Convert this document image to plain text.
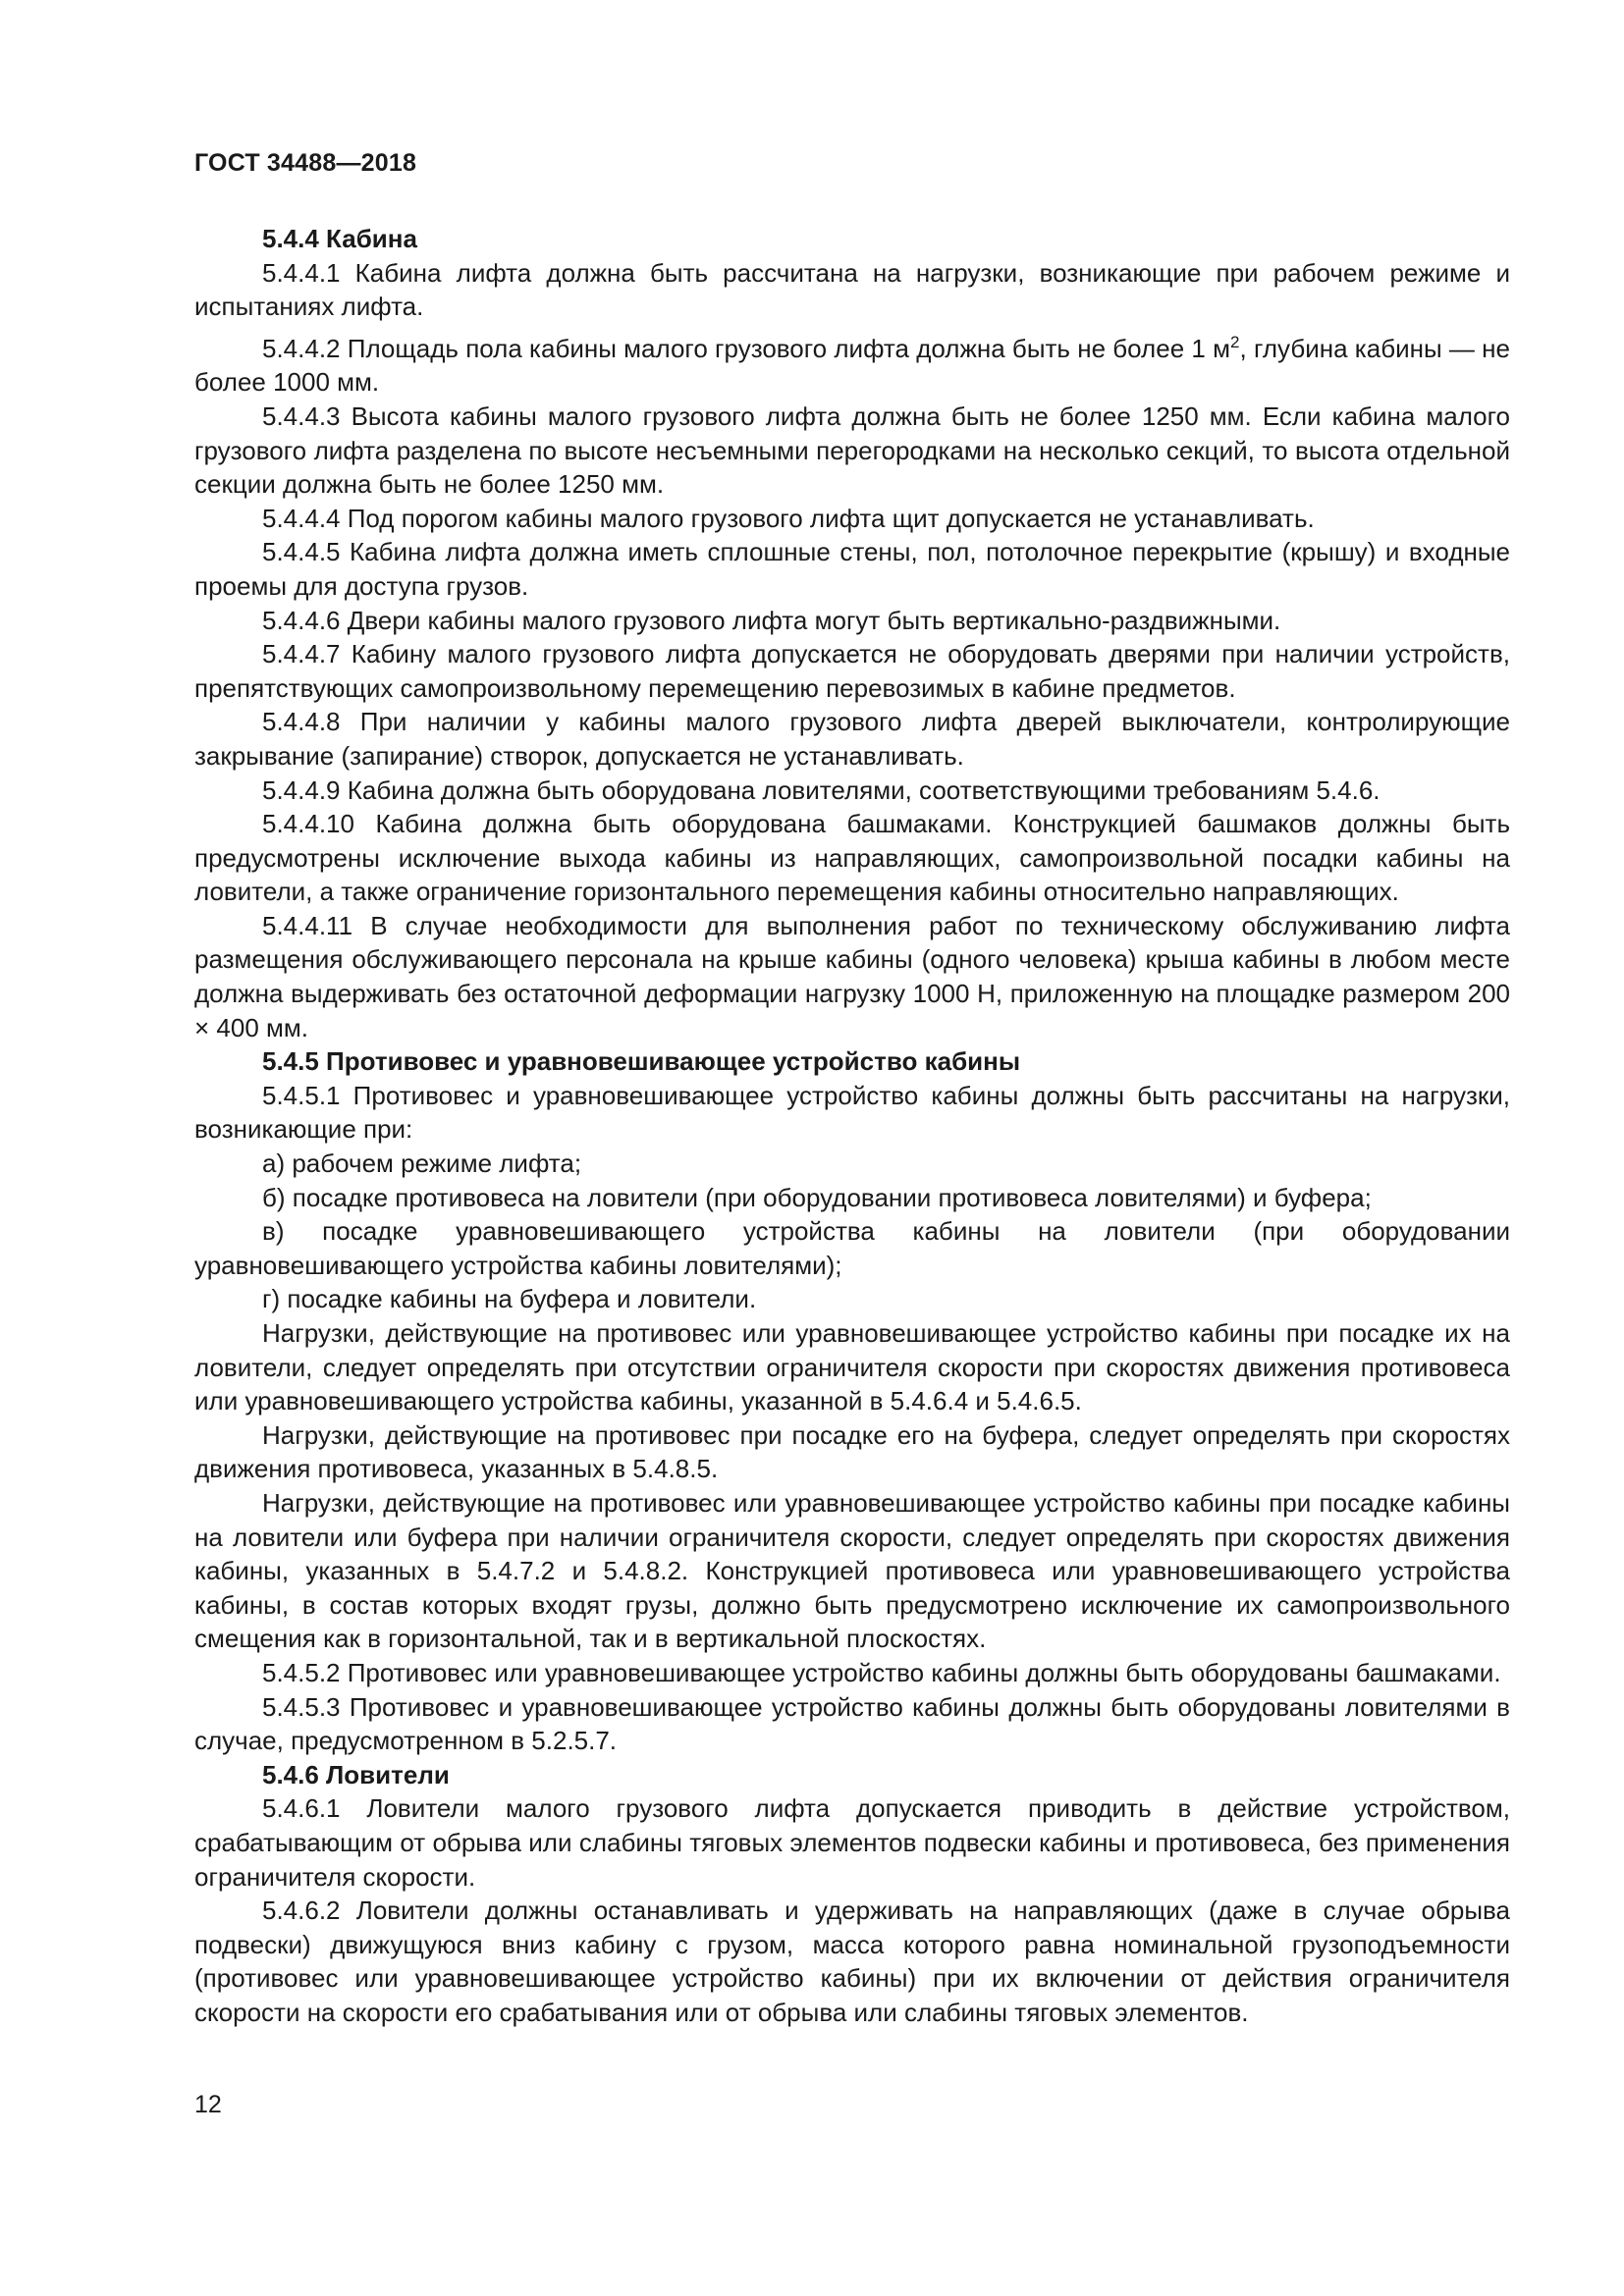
ГОСТ 34488—2018

5.4.4 Кабина

5.4.4.1 Кабина лифта должна быть рассчитана на нагрузки, возникающие при рабочем режиме и испытаниях лифта.

5.4.4.2 Площадь пола кабины малого грузового лифта должна быть не более 1 $м^2$, глубина кабины — не более 1000 мм.

5.4.4.3 Высота кабины малого грузового лифта должна быть не более 1250 мм. Если кабина малого грузового лифта разделена по высоте несъемными перегородками на несколько секций, то высота отдельной секции должна быть не более 1250 мм.

5.4.4.4 Под порогом кабины малого грузового лифта щит допускается не устанавливать.

5.4.4.5 Кабина лифта должна иметь сплошные стены, пол, потолочное перекрытие (крышу) и входные проемы для доступа грузов.

5.4.4.6 Двери кабины малого грузового лифта могут быть вертикально-раздвижными.

5.4.4.7 Кабину малого грузового лифта допускается не оборудовать дверями при наличии устройств, препятствующих самопроизвольному перемещению перевозимых в кабине предметов.

5.4.4.8 При наличии у кабины малого грузового лифта дверей выключатели, контролирующие закрывание (запирание) створок, допускается не устанавливать.

5.4.4.9 Кабина должна быть оборудована ловителями, соответствующими требованиям 5.4.6.

5.4.4.10 Кабина должна быть оборудована башмаками. Конструкцией башмаков должны быть предусмотрены исключение выхода кабины из направляющих, самопроизвольной посадки кабины на ловители, а также ограничение горизонтального перемещения кабины относительно направляющих.

5.4.4.11 В случае необходимости для выполнения работ по техническому обслуживанию лифта размещения обслуживающего персонала на крыше кабины (одного человека) крыша кабины в любом месте должна выдерживать без остаточной деформации нагрузку 1000 Н, приложенную на площадке размером 200 × 400 мм.

5.4.5 Противовес и уравновешивающее устройство кабины

5.4.5.1 Противовес и уравновешивающее устройство кабины должны быть рассчитаны на нагрузки, возникающие при:

а) рабочем режиме лифта;

б) посадке противовеса на ловители (при оборудовании противовеса ловителями) и буфера;

в) посадке уравновешивающего устройства кабины на ловители (при оборудовании уравновешивающего устройства кабины ловителями);

г) посадке кабины на буфера и ловители.

Нагрузки, действующие на противовес или уравновешивающее устройство кабины при посадке их на ловители, следует определять при отсутствии ограничителя скорости при скоростях движения противовеса или уравновешивающего устройства кабины, указанной в 5.4.6.4 и 5.4.6.5.

Нагрузки, действующие на противовес при посадке его на буфера, следует определять при скоростях движения противовеса, указанных в 5.4.8.5.

Нагрузки, действующие на противовес или уравновешивающее устройство кабины при посадке кабины на ловители или буфера при наличии ограничителя скорости, следует определять при скоростях движения кабины, указанных в 5.4.7.2 и 5.4.8.2. Конструкцией противовеса или уравновешивающего устройства кабины, в состав которых входят грузы, должно быть предусмотрено исключение их самопроизвольного смещения как в горизонтальной, так и в вертикальной плоскостях.

5.4.5.2 Противовес или уравновешивающее устройство кабины должны быть оборудованы башмаками.

5.4.5.3 Противовес и уравновешивающее устройство кабины должны быть оборудованы ловителями в случае, предусмотренном в 5.2.5.7.

5.4.6 Ловители

5.4.6.1 Ловители малого грузового лифта допускается приводить в действие устройством, срабатывающим от обрыва или слабины тяговых элементов подвески кабины и противовеса, без применения ограничителя скорости.

5.4.6.2 Ловители должны останавливать и удерживать на направляющих (даже в случае обрыва подвески) движущуюся вниз кабину с грузом, масса которого равна номинальной грузоподъемности (противовес или уравновешивающее устройство кабины) при их включении от действия ограничителя скорости на скорости его срабатывания или от обрыва или слабины тяговых элементов.

12
